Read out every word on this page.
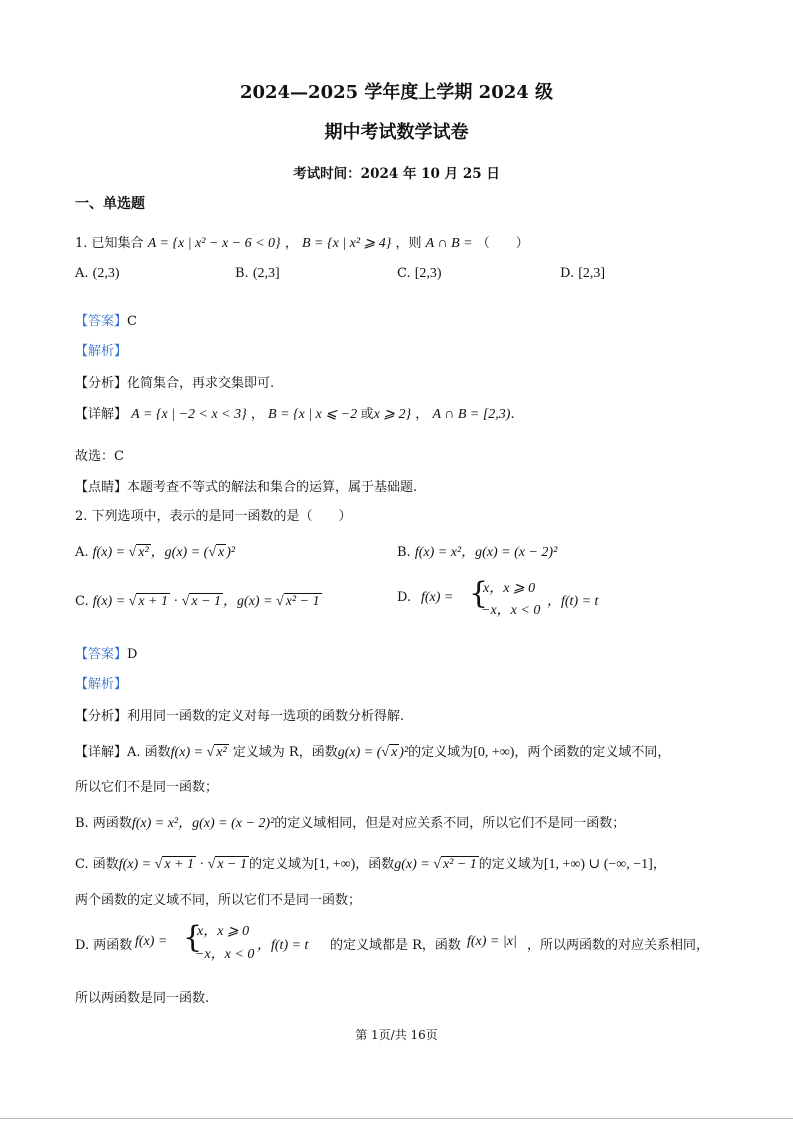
2024—2025 学年度上学期 2024 级
期中考试数学试卷
考试时间：2024 年 10 月 25 日
一、单选题
1. 已知集合 A = {x | x² − x − 6 < 0} ， B = {x | x² ⩾ 4} ，则 A ∩ B = （　　）
A. (2,3)	B. (2,3]	C. [2,3)	D. [2,3]
【答案】C
【解析】
【分析】化简集合，再求交集即可.
【详解】 A = {x | −2 < x < 3} ， B = {x | x ⩽ −2 或x ⩾ 2} ， A ∩ B = [2,3).
故选：C
【点睛】本题考查不等式的解法和集合的运算，属于基础题.
2. 下列选项中，表示的是同一函数的是（　　）
A. f(x) = √ x² ，g(x) = (√ x )²	B. f(x) = x²，g(x) = (x − 2)²
C. f(x) = √ x + 1 · √ x − 1 ，g(x) = √ x² − 1	D. f(x) = {
x，x ⩾ 0
−x，x < 0
，f(t) = t
【答案】D
【解析】
【分析】利用同一函数的定义对每一选项的函数分析得解.
【详解】A. 函数f(x) = √ x² 定义域为 R，函数g(x) = (√ x )²的定义域为[0, +∞)，两个函数的定义域不同，
所以它们不是同一函数；
B. 两函数f(x) = x²，g(x) = (x − 2)²的定义域相同，但是对应关系不同，所以它们不是同一函数；
C. 函数f(x) = √ x + 1 · √ x − 1 的定义域为[1, +∞)，函数g(x) = √ x² − 1 的定义域为[1, +∞) ∪ (−∞, −1]，
两个函数的定义域不同，所以它们不是同一函数；
D. 两函数 f(x) = {
x，x ⩾ 0
−x，x < 0
，f(t) = t 的定义域都是 R，函数 f(x) = |x| ，所以两函数的对应关系相同，
所以两函数是同一函数.
第 1页/共 16页
